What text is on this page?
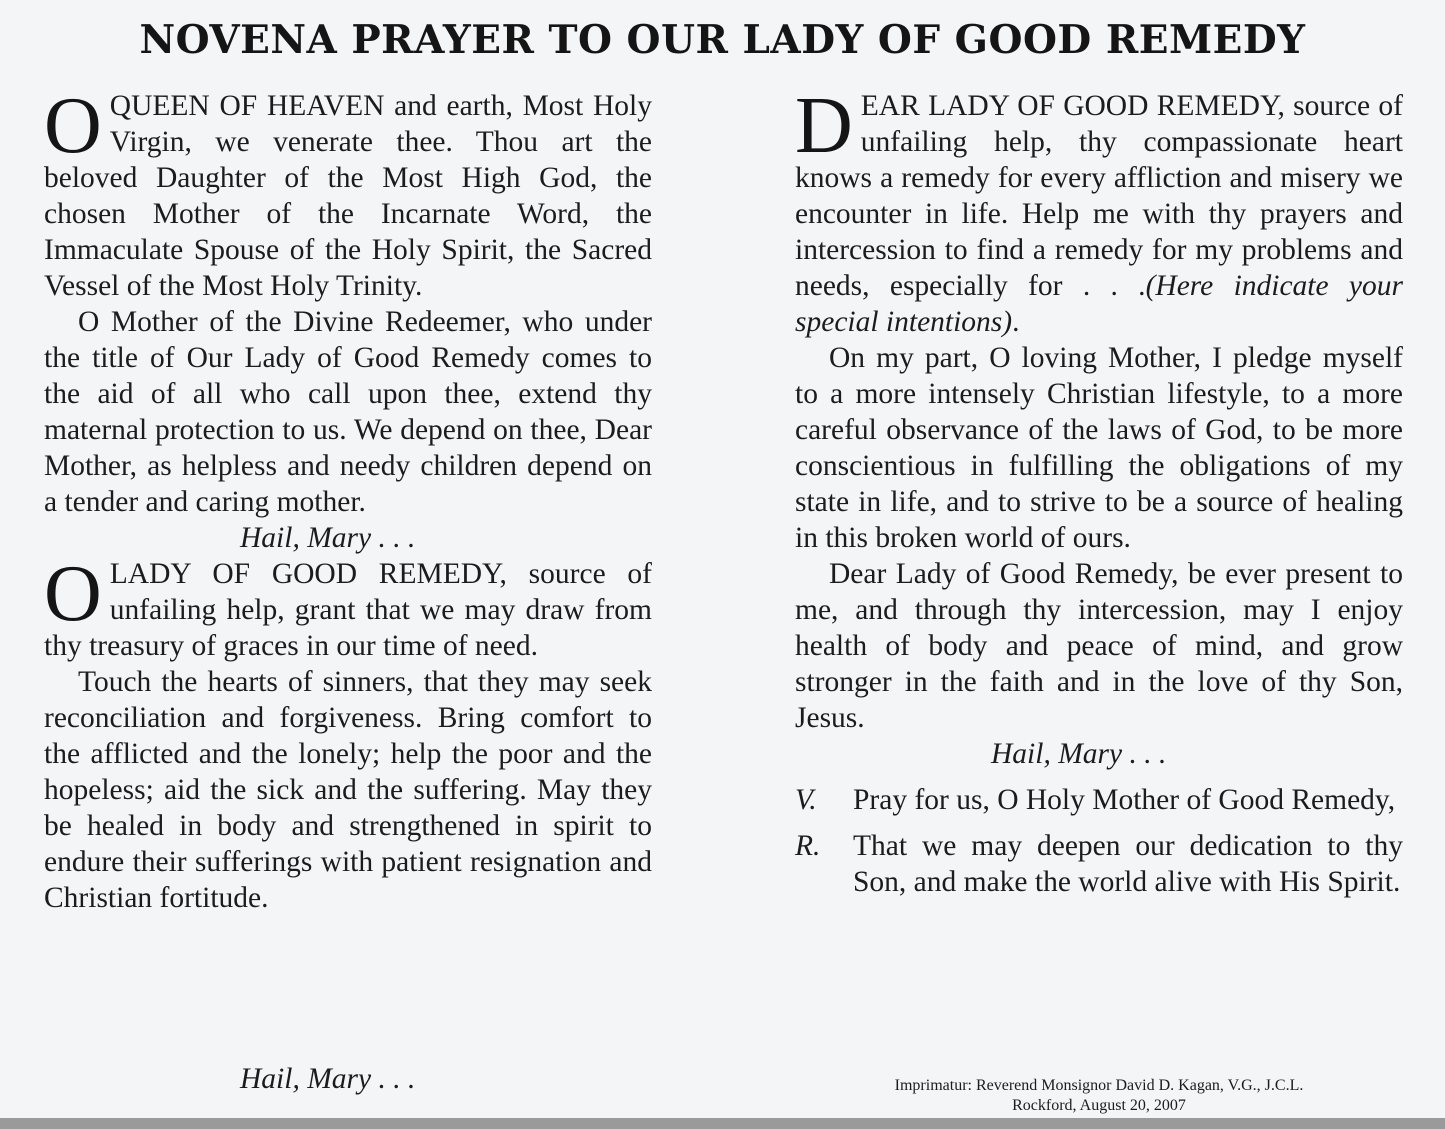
NOVENA PRAYER TO OUR LADY OF GOOD REMEDY

OQUEEN OF HEAVEN and earth, Most Holy Virgin, we venerate thee. Thou art the beloved Daughter of the Most High God, the chosen Mother of the Incarnate Word, the Immaculate Spouse of the Holy Spirit, the Sacred Vessel of the Most Holy Trinity.

O Mother of the Divine Redeemer, who under the title of Our Lady of Good Remedy comes to the aid of all who call upon thee, extend thy maternal protection to us. We depend on thee, Dear Mother, as helpless and needy children depend on a tender and caring mother.

Hail, Mary . . .

OLADY OF GOOD REMEDY, source of unfailing help, grant that we may draw from thy treasury of graces in our time of need.

Touch the hearts of sinners, that they may seek reconciliation and forgiveness. Bring comfort to the afflicted and the lonely; help the poor and the hopeless; aid the sick and the suffering. May they be healed in body and strengthened in spirit to endure their sufferings with patient resignation and Christian fortitude.

Hail, Mary . . .

DEAR LADY OF GOOD REMEDY, source of unfailing help, thy compassionate heart knows a remedy for every affliction and misery we encounter in life. Help me with thy prayers and intercession to find a remedy for my problems and needs, especially for . . .(Here indicate your special intentions).

On my part, O loving Mother, I pledge myself to a more intensely Christian lifestyle, to a more careful observance of the laws of God, to be more conscientious in fulfilling the obligations of my state in life, and to strive to be a source of healing in this broken world of ours.

Dear Lady of Good Remedy, be ever present to me, and through thy intercession, may I enjoy health of body and peace of mind, and grow stronger in the faith and in the love of thy Son, Jesus.

Hail, Mary . . .

V.	Pray for us, O Holy Mother of Good Remedy,
R.	That we may deepen our dedication to thy Son, and make the world alive with His Spirit.
Imprimatur: Reverend Monsignor David D. Kagan, V.G., J.C.L.
Rockford, August 20, 2007
